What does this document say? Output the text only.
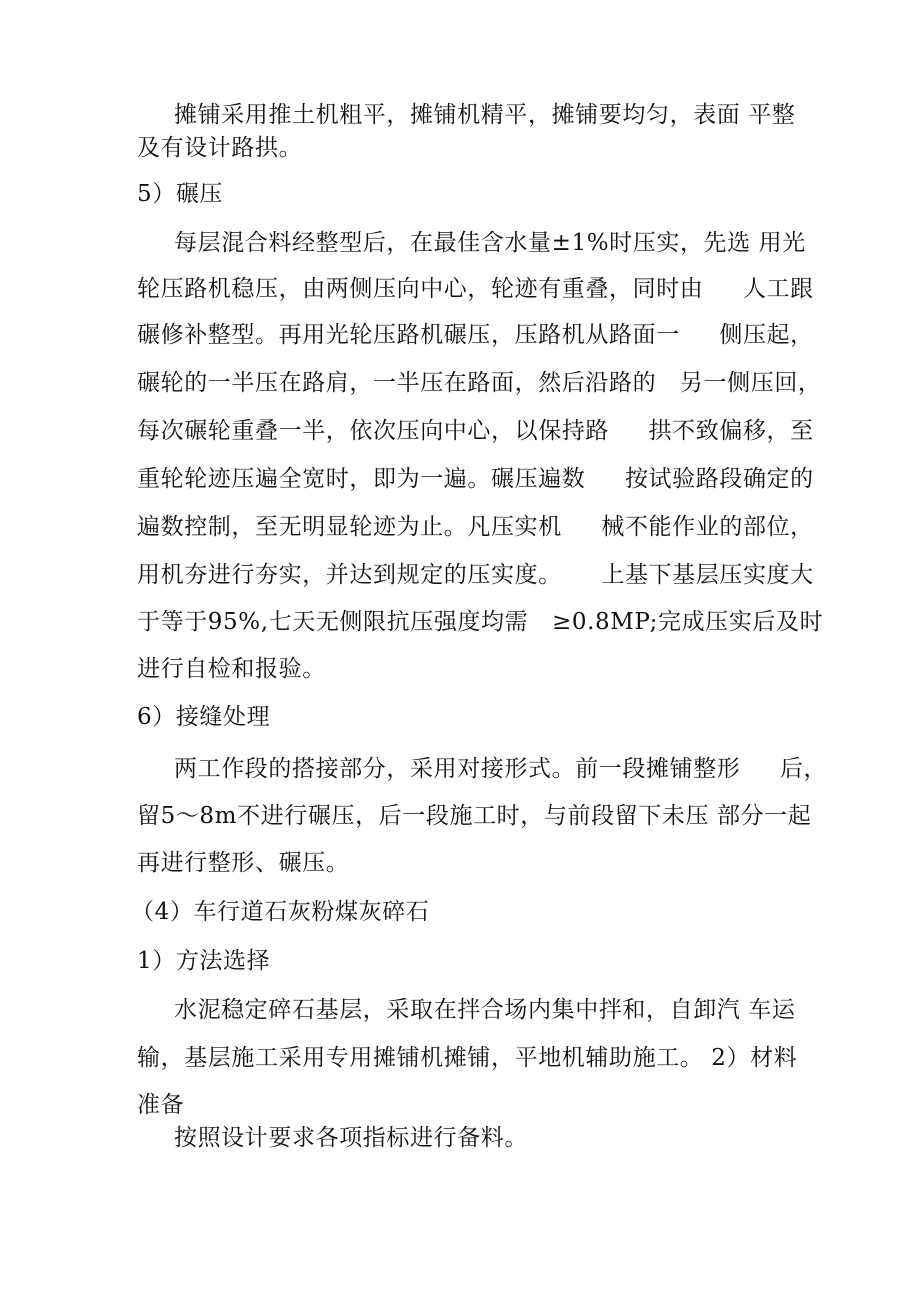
摊铺采用推土机粗平，摊铺机精平，摊铺要均匀，表面 平整
及有设计路拱。
5）碾压
每层混合料经整型后，在最佳含水量±1%时压实，先选 用光
轮压路机稳压，由两侧压向中心，轮迹有重叠，同时由     人工跟
碾修补整型。再用光轮压路机碾压，压路机从路面一     侧压起，
碾轮的一半压在路肩，一半压在路面，然后沿路的   另一侧压回，
每次碾轮重叠一半，依次压向中心，以保持路     拱不致偏移，至
重轮轮迹压遍全宽时，即为一遍。碾压遍数     按试验路段确定的
遍数控制，至无明显轮迹为止。凡压实机     械不能作业的部位，
用机夯进行夯实，并达到规定的压实度。     上基下基层压实度大
于等于95%,七天无侧限抗压强度均需   ≥0.8MP;完成压实后及时
进行自检和报验。
6）接缝处理
两工作段的搭接部分，采用对接形式。前一段摊铺整形     后，
留5～8m不进行碾压，后一段施工时，与前段留下未压 部分一起
再进行整形、碾压。
（4）车行道石灰粉煤灰碎石
1）方法选择
水泥稳定碎石基层，采取在拌合场内集中拌和，自卸汽 车运
输，基层施工采用专用摊铺机摊铺，平地机辅助施工。 2）材料
准备
按照设计要求各项指标进行备料。
